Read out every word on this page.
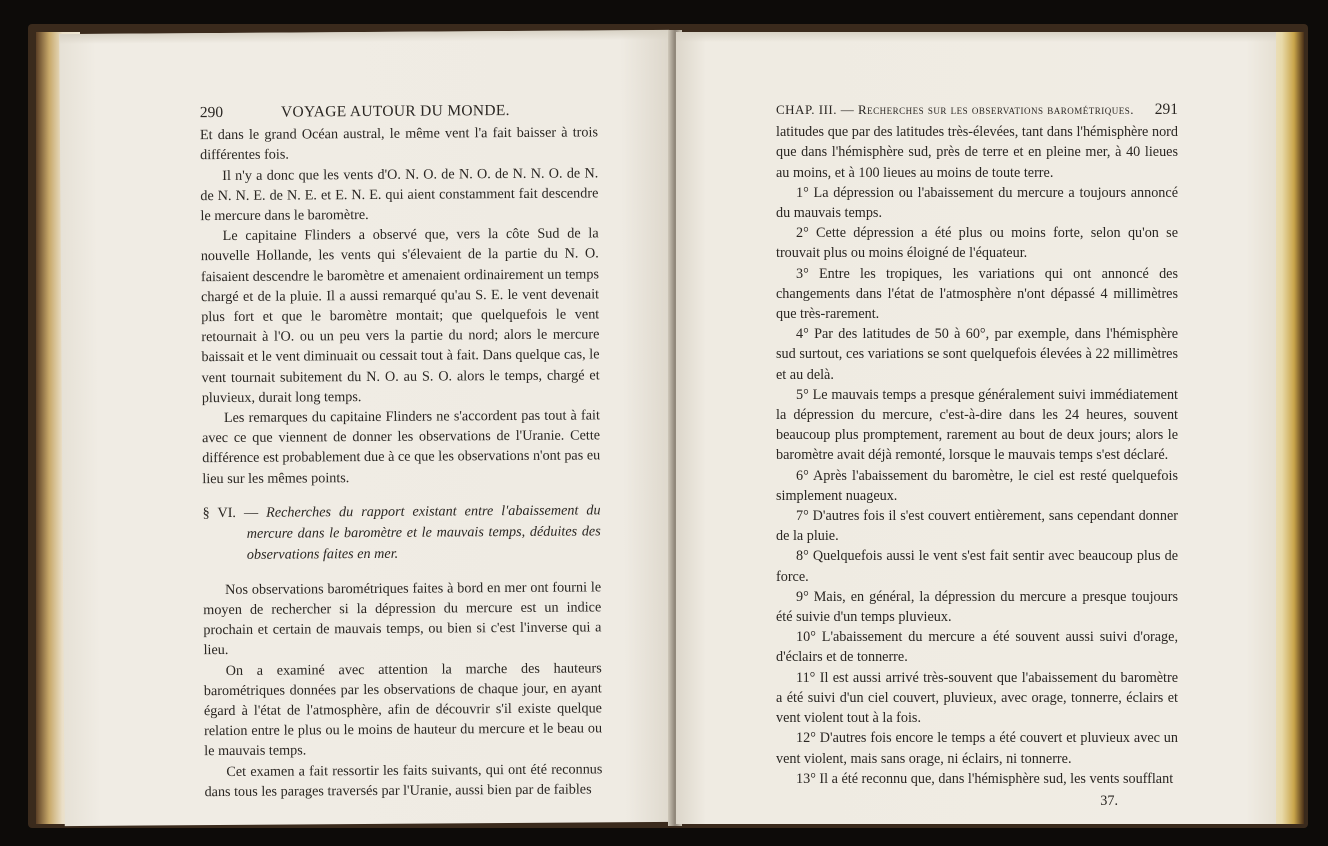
290	VOYAGE AUTOUR DU MONDE.

Et dans le grand Océan austral, le même vent l'a fait baisser à trois différentes fois.

Il n'y a donc que les vents d'O. N. O. de N. O. de N. N. O. de N. de N. N. E. de N. E. et E. N. E. qui aient constamment fait descendre le mercure dans le baromètre.

Le capitaine Flinders a observé que, vers la côte Sud de la nouvelle Hollande, les vents qui s'élevaient de la partie du N. O. faisaient descendre le baromètre et amenaient ordinairement un temps chargé et de la pluie. Il a aussi remarqué qu'au S. E. le vent devenait plus fort et que le baromètre montait; que quelquefois le vent retournait à l'O. ou un peu vers la partie du nord; alors le mercure baissait et le vent diminuait ou cessait tout à fait. Dans quelque cas, le vent tournait subitement du N. O. au S. O. alors le temps, chargé et pluvieux, durait long temps.

Les remarques du capitaine Flinders ne s'accordent pas tout à fait avec ce que viennent de donner les observations de l'Uranie. Cette différence est probablement due à ce que les observations n'ont pas eu lieu sur les mêmes points.

§ VI. — Recherches du rapport existant entre l'abaissement du mercure dans le baromètre et le mauvais temps, déduites des observations faites en mer.

Nos observations barométriques faites à bord en mer ont fourni le moyen de rechercher si la dépression du mercure est un indice prochain et certain de mauvais temps, ou bien si c'est l'inverse qui a lieu.

On a examiné avec attention la marche des hauteurs barométriques données par les observations de chaque jour, en ayant égard à l'état de l'atmosphère, afin de découvrir s'il existe quelque relation entre le plus ou le moins de hauteur du mercure et le beau ou le mauvais temps.

Cet examen a fait ressortir les faits suivants, qui ont été reconnus dans tous les parages traversés par l'Uranie, aussi bien par de faibles

CHAP. III. — Recherches sur les observations barométriques. 291

latitudes que par des latitudes très-élevées, tant dans l'hémisphère nord que dans l'hémisphère sud, près de terre et en pleine mer, à 40 lieues au moins, et à 100 lieues au moins de toute terre.

1° La dépression ou l'abaissement du mercure a toujours annoncé du mauvais temps.

2° Cette dépression a été plus ou moins forte, selon qu'on se trouvait plus ou moins éloigné de l'équateur.

3° Entre les tropiques, les variations qui ont annoncé des changements dans l'état de l'atmosphère n'ont dépassé 4 millimètres que très-rarement.

4° Par des latitudes de 50 à 60°, par exemple, dans l'hémisphère sud surtout, ces variations se sont quelquefois élevées à 22 millimètres et au delà.

5° Le mauvais temps a presque généralement suivi immédiatement la dépression du mercure, c'est-à-dire dans les 24 heures, souvent beaucoup plus promptement, rarement au bout de deux jours; alors le baromètre avait déjà remonté, lorsque le mauvais temps s'est déclaré.

6° Après l'abaissement du baromètre, le ciel est resté quelquefois simplement nuageux.

7° D'autres fois il s'est couvert entièrement, sans cependant donner de la pluie.

8° Quelquefois aussi le vent s'est fait sentir avec beaucoup plus de force.

9° Mais, en général, la dépression du mercure a presque toujours été suivie d'un temps pluvieux.

10° L'abaissement du mercure a été souvent aussi suivi d'orage, d'éclairs et de tonnerre.

11° Il est aussi arrivé très-souvent que l'abaissement du baromètre a été suivi d'un ciel couvert, pluvieux, avec orage, tonnerre, éclairs et vent violent tout à la fois.

12° D'autres fois encore le temps a été couvert et pluvieux avec un vent violent, mais sans orage, ni éclairs, ni tonnerre.

13° Il a été reconnu que, dans l'hémisphère sud, les vents soufflant

37.
